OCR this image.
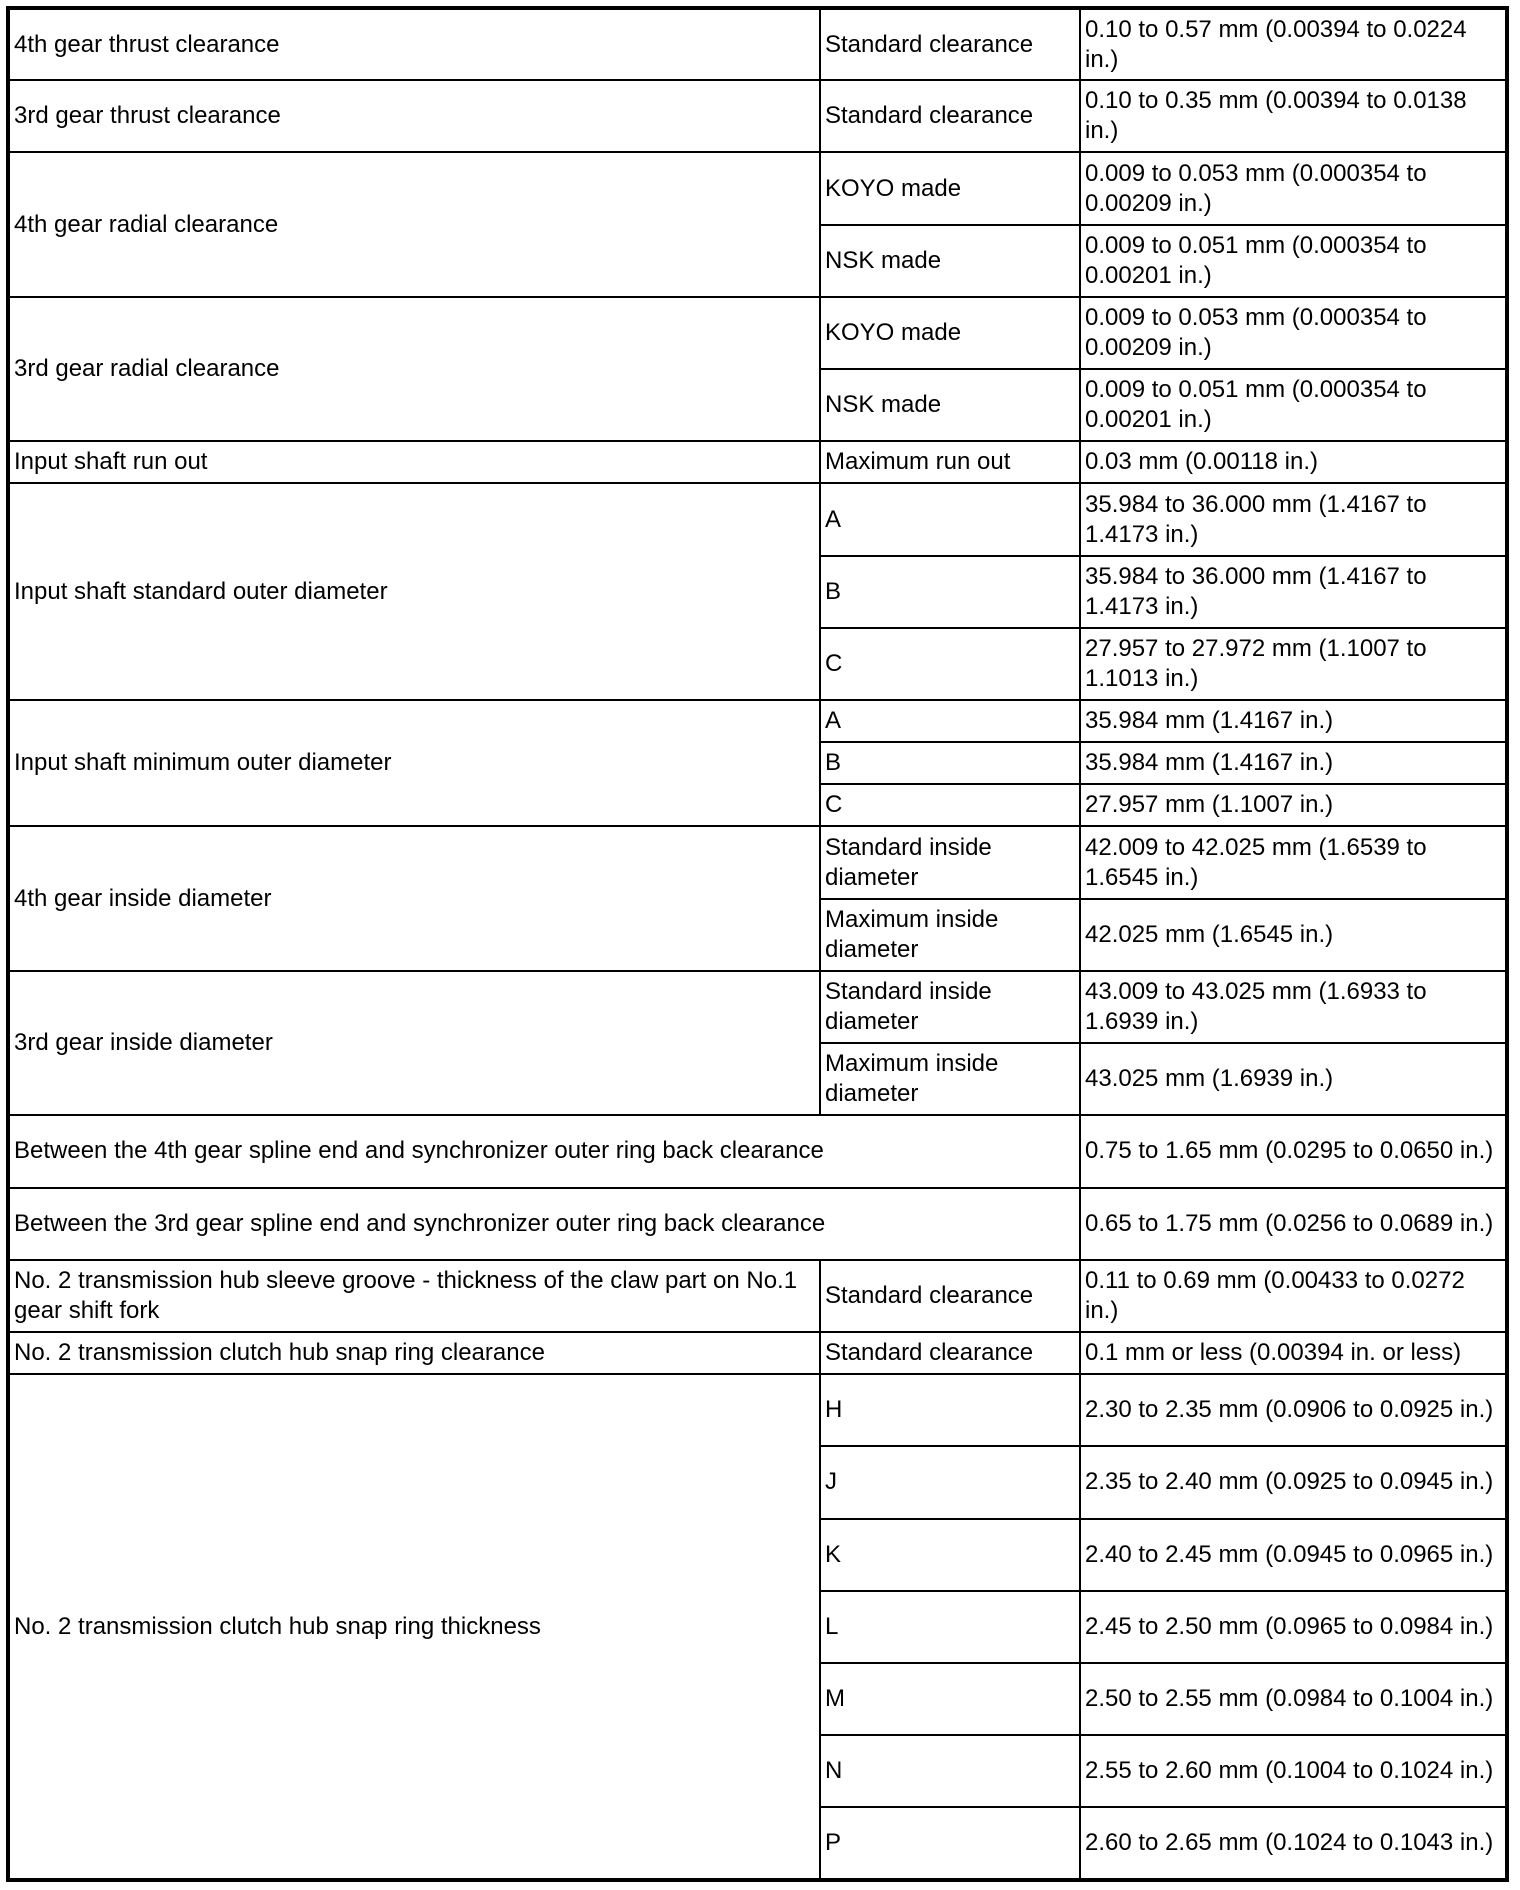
4th gear thrust clearance	Standard clearance	0.10 to 0.57 mm (0.00394 to 0.0224 in.)
3rd gear thrust clearance	Standard clearance	0.10 to 0.35 mm (0.00394 to 0.0138 in.)
4th gear radial clearance	KOYO made	0.009 to 0.053 mm (0.000354 to 0.00209 in.)
	NSK made	0.009 to 0.051 mm (0.000354 to 0.00201 in.)
3rd gear radial clearance	KOYO made	0.009 to 0.053 mm (0.000354 to 0.00209 in.)
	NSK made	0.009 to 0.051 mm (0.000354 to 0.00201 in.)
Input shaft run out	Maximum run out	0.03 mm (0.00118 in.)
Input shaft standard outer diameter	A	35.984 to 36.000 mm (1.4167 to 1.4173 in.)
	B	35.984 to 36.000 mm (1.4167 to 1.4173 in.)
	C	27.957 to 27.972 mm (1.1007 to 1.1013 in.)
Input shaft minimum outer diameter	A	35.984 mm (1.4167 in.)
	B	35.984 mm (1.4167 in.)
	C	27.957 mm (1.1007 in.)
4th gear inside diameter	Standard inside diameter	42.009 to 42.025 mm (1.6539 to 1.6545 in.)
	Maximum inside diameter	42.025 mm (1.6545 in.)
3rd gear inside diameter	Standard inside diameter	43.009 to 43.025 mm (1.6933 to 1.6939 in.)
	Maximum inside diameter	43.025 mm (1.6939 in.)
Between the 4th gear spline end and synchronizer outer ring back clearance		0.75 to 1.65 mm (0.0295 to 0.0650 in.)
Between the 3rd gear spline end and synchronizer outer ring back clearance		0.65 to 1.75 mm (0.0256 to 0.0689 in.)
No. 2 transmission hub sleeve groove - thickness of the claw part on No.1 gear shift fork	Standard clearance	0.11 to 0.69 mm (0.00433 to 0.0272 in.)
No. 2 transmission clutch hub snap ring clearance	Standard clearance	0.1 mm or less (0.00394 in. or less)
No. 2 transmission clutch hub snap ring thickness	H	2.30 to 2.35 mm (0.0906 to 0.0925 in.)
	J	2.35 to 2.40 mm (0.0925 to 0.0945 in.)
	K	2.40 to 2.45 mm (0.0945 to 0.0965 in.)
	L	2.45 to 2.50 mm (0.0965 to 0.0984 in.)
	M	2.50 to 2.55 mm (0.0984 to 0.1004 in.)
	N	2.55 to 2.60 mm (0.1004 to 0.1024 in.)
	P	2.60 to 2.65 mm (0.1024 to 0.1043 in.)
